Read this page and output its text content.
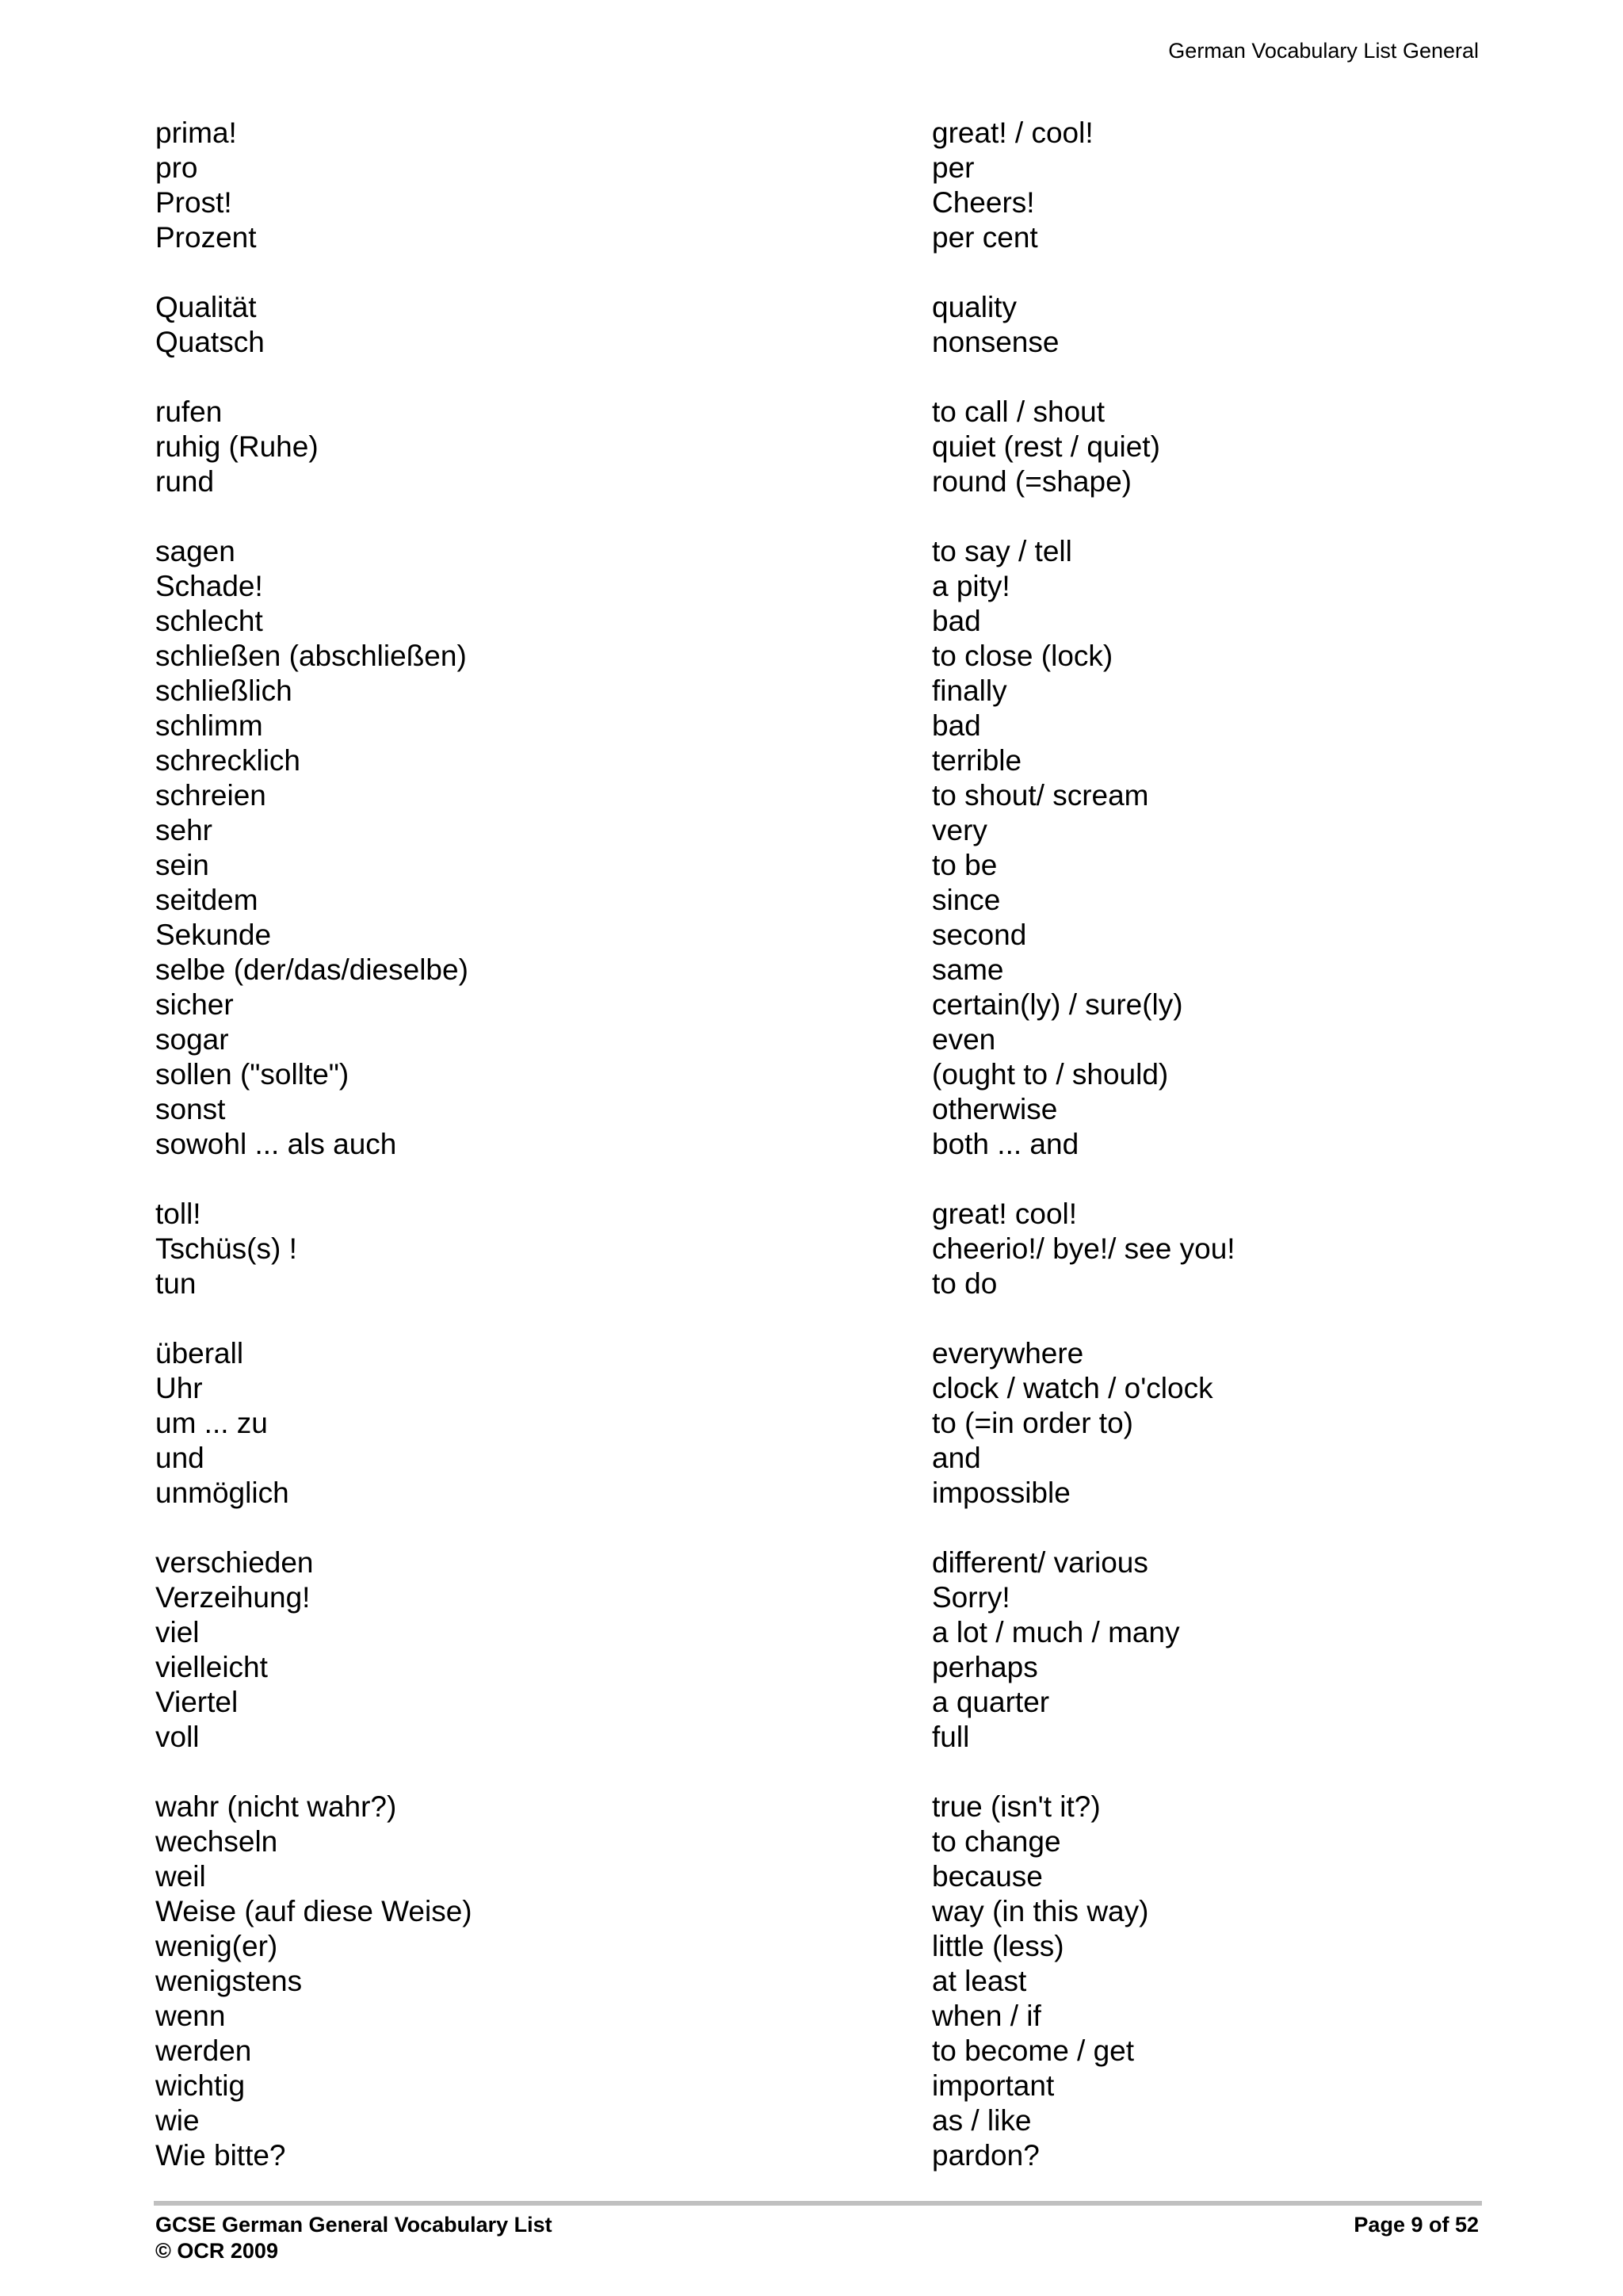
German Vocabulary List General
prima!	great! / cool!
pro	per
Prost!	Cheers!
Prozent	per cent
Qualität	quality
Quatsch	nonsense
rufen	to call / shout
ruhig (Ruhe)	quiet (rest / quiet)
rund	round (=shape)
sagen	to say / tell
Schade!	a pity!
schlecht	bad
schließen (abschließen)	to close (lock)
schließlich	finally
schlimm	bad
schrecklich	terrible
schreien	to shout/ scream
sehr	very
sein	to be
seitdem	since
Sekunde	second
selbe (der/das/dieselbe)	same
sicher	certain(ly) / sure(ly)
sogar	even
sollen ("sollte")	(ought to / should)
sonst	otherwise
sowohl ... als auch	both ... and
toll!	great! cool!
Tschüs(s) !	cheerio!/ bye!/ see you!
tun	to do
überall	everywhere
Uhr	clock / watch / o'clock
um ... zu	to (=in order to)
und	and
unmöglich	impossible
verschieden	different/ various
Verzeihung!	Sorry!
viel	a lot / much / many
vielleicht	perhaps
Viertel	a quarter
voll	full
wahr (nicht wahr?)	true (isn't it?)
wechseln	to change
weil	because
Weise (auf diese Weise)	way (in this way)
wenig(er)	little (less)
wenigstens	at least
wenn	when / if
werden	to become / get
wichtig	important
wie	as / like
Wie bitte?	pardon?
GCSE German General Vocabulary List
© OCR 2009
Page 9 of 52
